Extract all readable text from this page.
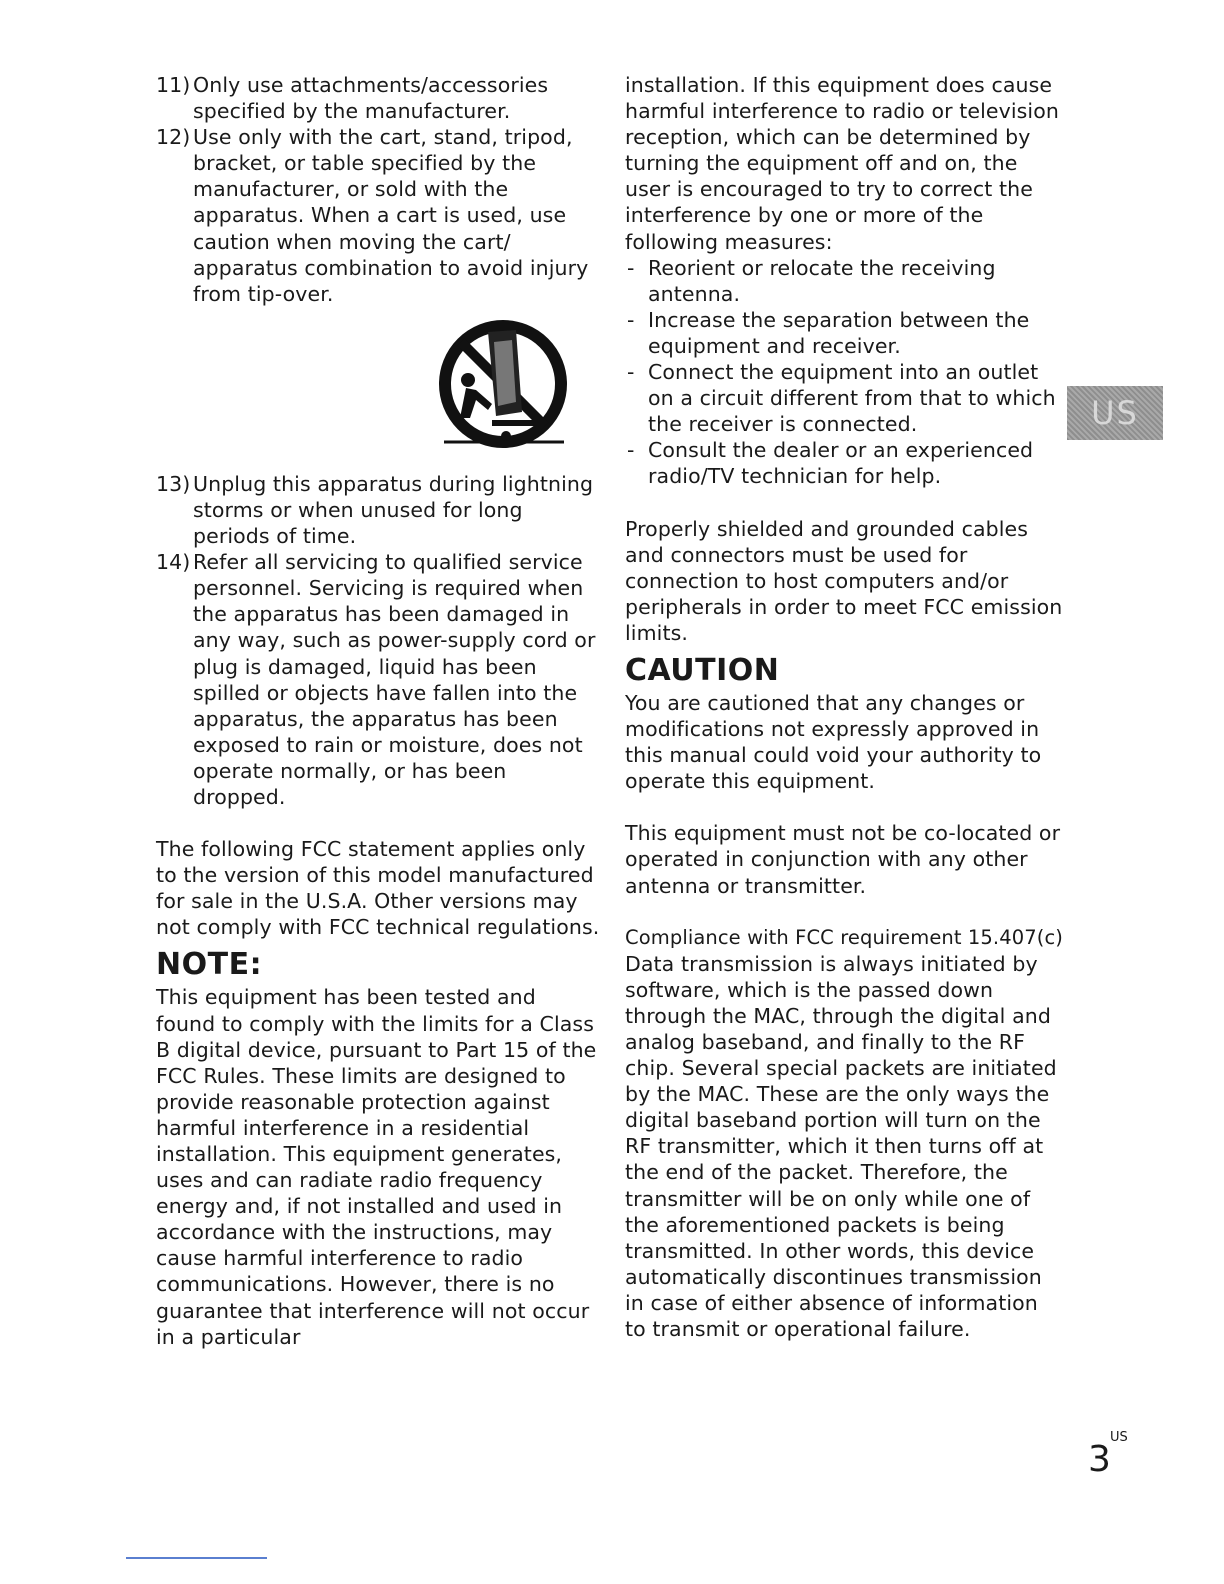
11) Only use attachments/accessories specified by the manufacturer.
12) Use only with the cart, stand, tripod, bracket, or table specified by the manufacturer, or sold with the apparatus. When a cart is used, use caution when moving the cart/ apparatus combination to avoid injury from tip-over.
13) Unplug this apparatus during lightning storms or when unused for long periods of time.
14) Refer all servicing to qualified service personnel. Servicing is required when the apparatus has been damaged in any way, such as power-supply cord or plug is damaged, liquid has been spilled or objects have fallen into the apparatus, the apparatus has been exposed to rain or moisture, does not operate normally, or has been dropped.

The following FCC statement applies only to the version of this model manufactured for sale in the U.S.A. Other versions may not comply with FCC technical regulations.

NOTE:

This equipment has been tested and found to comply with the limits for a Class B digital device, pursuant to Part 15 of the FCC Rules. These limits are designed to provide reasonable protection against harmful interference in a residential installation. This equipment generates, uses and can radiate radio frequency energy and, if not installed and used in accordance with the instructions, may cause harmful interference to radio communications. However, there is no guarantee that interference will not occur in a particular

installation. If this equipment does cause harmful interference to radio or television reception, which can be determined by turning the equipment off and on, the user is encouraged to try to correct the interference by one or more of the following measures:

- Reorient or relocate the receiving antenna.
- Increase the separation between the equipment and receiver.
- Connect the equipment into an outlet on a circuit different from that to which the receiver is connected.
- Consult the dealer or an experienced radio/TV technician for help.

Properly shielded and grounded cables and connectors must be used for connection to host computers and/or peripherals in order to meet FCC emission limits.

CAUTION

You are cautioned that any changes or modifications not expressly approved in this manual could void your authority to operate this equipment.

This equipment must not be co-located or operated in conjunction with any other antenna or transmitter.

Compliance with FCC requirement 15.407(c)

Data transmission is always initiated by software, which is the passed down through the MAC, through the digital and analog baseband, and finally to the RF chip. Several special packets are initiated by the MAC. These are the only ways the digital baseband portion will turn on the RF transmitter, which it then turns off at the end of the packet. Therefore, the transmitter will be on only while one of the aforementioned packets is being transmitted. In other words, this device automatically discontinues transmission in case of either absence of information to transmit or operational failure.

US
US
3
